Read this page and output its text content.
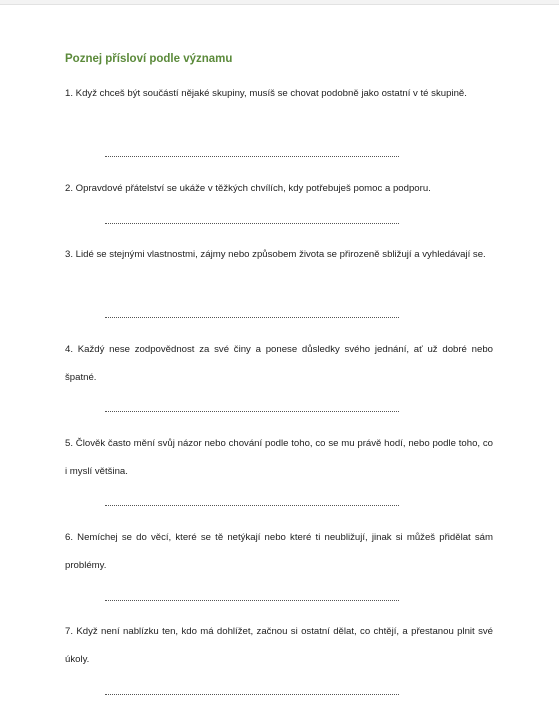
Poznej přísloví podle významu
1. Když chceš být součástí nějaké skupiny, musíš se chovat podobně jako ostatní v té skupině.
2. Opravdové přátelství se ukáže v těžkých chvílích, kdy potřebuješ pomoc a podporu.
3. Lidé se stejnými vlastnostmi, zájmy nebo způsobem života se přirozeně sbližují a vyhledávají se.
4. Každý nese zodpovědnost za své činy a ponese důsledky svého jednání, ať už dobré nebo špatné.
5. Člověk často mění svůj názor nebo chování podle toho, co se mu právě hodí, nebo podle toho, co i myslí většina.
6. Nemíchej se do věcí, které se tě netýkají nebo které ti neubližují, jinak si můžeš přidělat sám problémy.
7. Když není nablízku ten, kdo má dohlížet, začnou si ostatní dělat, co chtějí, a přestanou plnit své úkoly.
